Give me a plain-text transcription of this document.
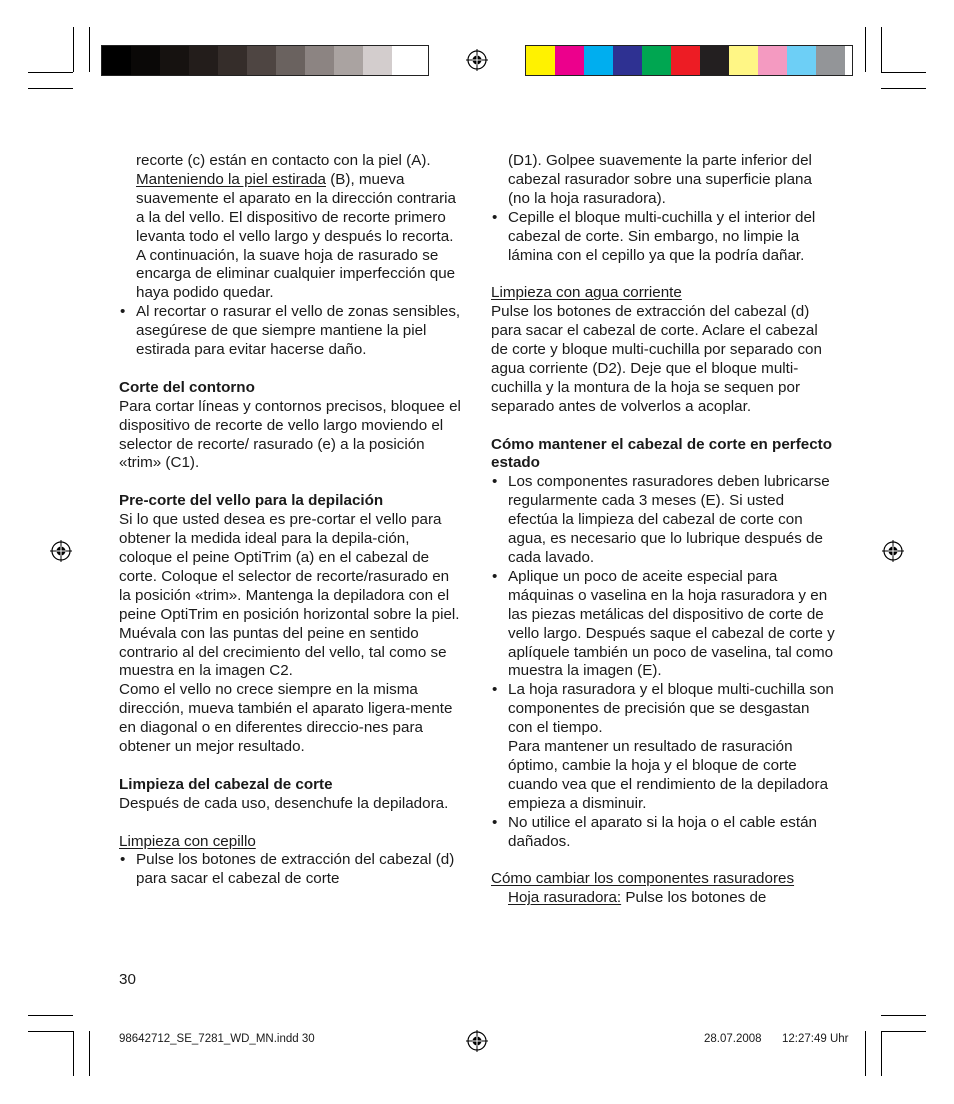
recorte (c) están en contacto con la piel (A). Manteniendo la piel estirada (B), mueva suavemente el aparato en la dirección contraria a la del vello. El dispositivo de recorte primero levanta todo el vello largo y después lo recorta. A continuación, la suave hoja de rasurado se encarga de eliminar cualquier imperfección que haya podido quedar.

• Al recortar o rasurar el vello de zonas sensibles, asegúrese de que siempre mantiene la piel estirada para evitar hacerse daño.

Corte del contorno

Para cortar líneas y contornos precisos, bloquee el dispositivo de recorte de vello largo moviendo el selector de recorte/ rasurado (e) a la posición «trim» (C1).

Pre-corte del vello para la depilación

Si lo que usted desea es pre-cortar el vello para obtener la medida ideal para la depila-ción, coloque el peine OptiTrim (a) en el cabezal de corte. Coloque el selector de recorte/rasurado en la posición «trim». Mantenga la depiladora con el peine OptiTrim en posición horizontal sobre la piel. Muévala con las puntas del peine en sentido contrario al del crecimiento del vello, tal como se muestra en la imagen C2.

Como el vello no crece siempre en la misma dirección, mueva también el aparato ligera-mente en diagonal o en diferentes direccio-nes para obtener un mejor resultado.

Limpieza del cabezal de corte

Después de cada uso, desenchufe la depiladora.

Limpieza con cepillo

• Pulse los botones de extracción del cabezal (d) para sacar el cabezal de corte

(D1). Golpee suavemente la parte inferior del cabezal rasurador sobre una superficie plana (no la hoja rasuradora).

• Cepille el bloque multi-cuchilla y el interior del cabezal de corte. Sin embargo, no limpie la lámina con el cepillo ya que la podría dañar.

Limpieza con agua corriente

Pulse los botones de extracción del cabezal (d) para sacar el cabezal de corte. Aclare el cabezal de corte y bloque multi-cuchilla por separado con agua corriente (D2). Deje que el bloque multi-cuchilla y la montura de la hoja se sequen por separado antes de volverlos a acoplar.

Cómo mantener el cabezal de corte en perfecto estado

• Los componentes rasuradores deben lubricarse regularmente cada 3 meses (E). Si usted efectúa la limpieza del cabezal de corte con agua, es necesario que lo lubrique después de cada lavado.
• Aplique un poco de aceite especial para máquinas o vaselina en la hoja rasuradora y en las piezas metálicas del dispositivo de corte de vello largo. Después saque el cabezal de corte y aplíquele también un poco de vaselina, tal como muestra la imagen (E).
• La hoja rasuradora y el bloque multi-cuchilla son componentes de precisión que se desgastan con el tiempo.

Para mantener un resultado de rasuración óptimo, cambie la hoja y el bloque de corte cuando vea que el rendimiento de la depiladora empieza a disminuir.

• No utilice el aparato si la hoja o el cable están dañados.

Cómo cambiar los componentes rasuradores

Hoja rasuradora: Pulse los botones de

30
98642712_SE_7281_WD_MN.indd 30	28.07.2008 12:27:49 Uhr
